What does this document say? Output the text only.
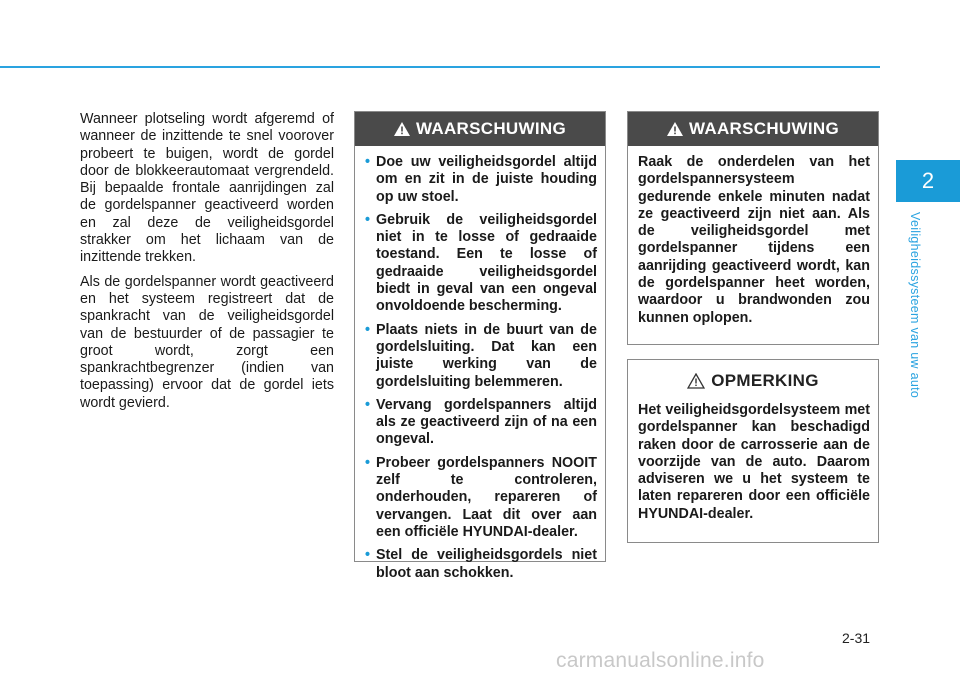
2
Veiligheidssysteem van uw auto

Wanneer plotseling wordt afgeremd of wanneer de inzittende te snel voorover probeert te buigen, wordt de gordel door de blokkeerautomaat vergrendeld. Bij bepaalde frontale aanrijdingen zal de gordelspanner geactiveerd worden en zal deze de veiligheidsgordel strakker om het lichaam van de inzittende trekken.

Als de gordelspanner wordt geactiveerd en het systeem registreert dat de spankracht van de veiligheidsgordel van de bestuurder of de passagier te groot wordt, zorgt een spankrachtbegrenzer (indien van toepassing) ervoor dat de gordel iets wordt gevierd.

WAARSCHUWING
• Doe uw veiligheidsgordel altijd om en zit in de juiste houding op uw stoel.
• Gebruik de veiligheidsgordel niet in te losse of gedraaide toestand. Een te losse of gedraaide veiligheidsgordel biedt in geval van een ongeval onvoldoende bescherming.
• Plaats niets in de buurt van de gordelsluiting. Dat kan een juiste werking van de gordelsluiting belemmeren.
• Vervang gordelspanners altijd als ze geactiveerd zijn of na een ongeval.
• Probeer gordelspanners NOOIT zelf te controleren, onderhouden, repareren of vervangen. Laat dit over aan een officiële HYUNDAI-dealer.
• Stel de veiligheidsgordels niet bloot aan schokken.
WAARSCHUWING

Raak de onderdelen van het gordelspannersysteem gedurende enkele minuten nadat ze geactiveerd zijn niet aan. Als de veiligheidsgordel met gordelspanner tijdens een aanrijding geactiveerd wordt, kan de gordelspanner heet worden, waardoor u brandwonden zou kunnen oplopen.

OPMERKING

Het veiligheidsgordelsysteem met gordelspanner kan beschadigd raken door de carrosserie aan de voorzijde van de auto. Daarom adviseren we u het systeem te laten repareren door een officiële HYUNDAI-dealer.

2-31
carmanualsonline.info
